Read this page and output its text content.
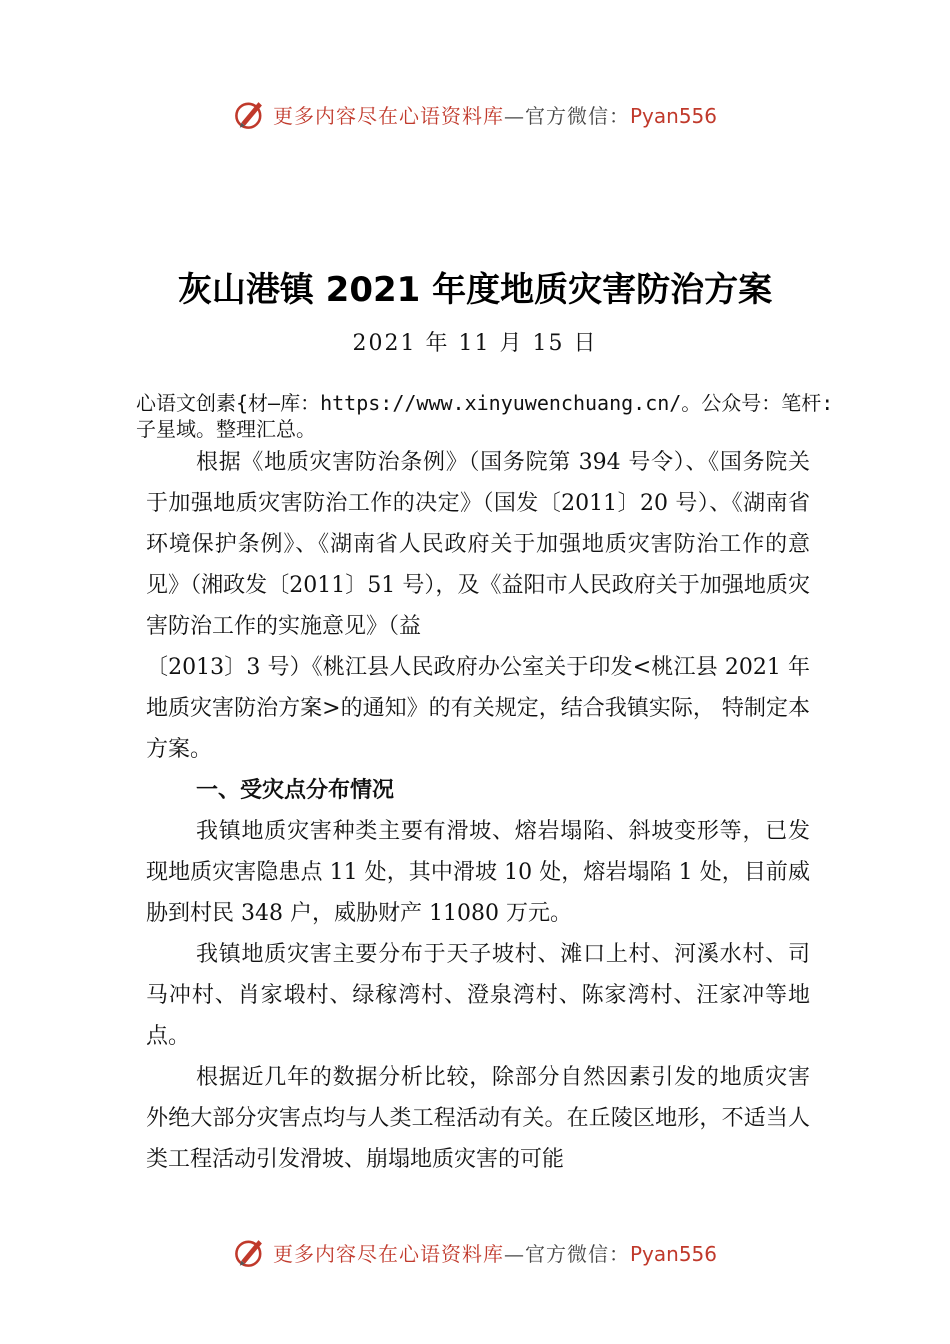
更多内容尽在心语资料库—官方微信：Pyan556
灰山港镇 2021 年度地质灾害防治方案
2021 年 11 月 15 日
心语文创素{材—库：https://www.xinyuwenchuang.cn/。公众号：笔杆:子星域。整理汇总。

根据《地质灾害防治条例》（国务院第 394 号令）、《国务院关于加强地质灾害防治工作的决定》（国发〔2011〕20 号）、《湖南省环境保护条例》、《湖南省人民政府关于加强地质灾害防治工作的意见》（湘政发〔2011〕51 号），及《益阳市人民政府关于加强地质灾害防治工作的实施意见》（益

〔2013〕3 号）《桃江县人民政府办公室关于印发<桃江县 2021 年地质灾害防治方案>的通知》的有关规定，结合我镇实际， 特制定本方案。

一、受灾点分布情况

我镇地质灾害种类主要有滑坡、熔岩塌陷、斜坡变形等，已发现地质灾害隐患点 11 处，其中滑坡 10 处，熔岩塌陷 1 处，目前威胁到村民 348 户，威胁财产 11080 万元。

我镇地质灾害主要分布于天子坡村、滩口上村、河溪水村、司马冲村、肖家塅村、绿稼湾村、澄泉湾村、陈家湾村、汪家冲等地点。

根据近几年的数据分析比较，除部分自然因素引发的地质灾害外绝大部分灾害点均与人类工程活动有关。在丘陵区地形，不适当人类工程活动引发滑坡、崩塌地质灾害的可能

更多内容尽在心语资料库—官方微信：Pyan556
